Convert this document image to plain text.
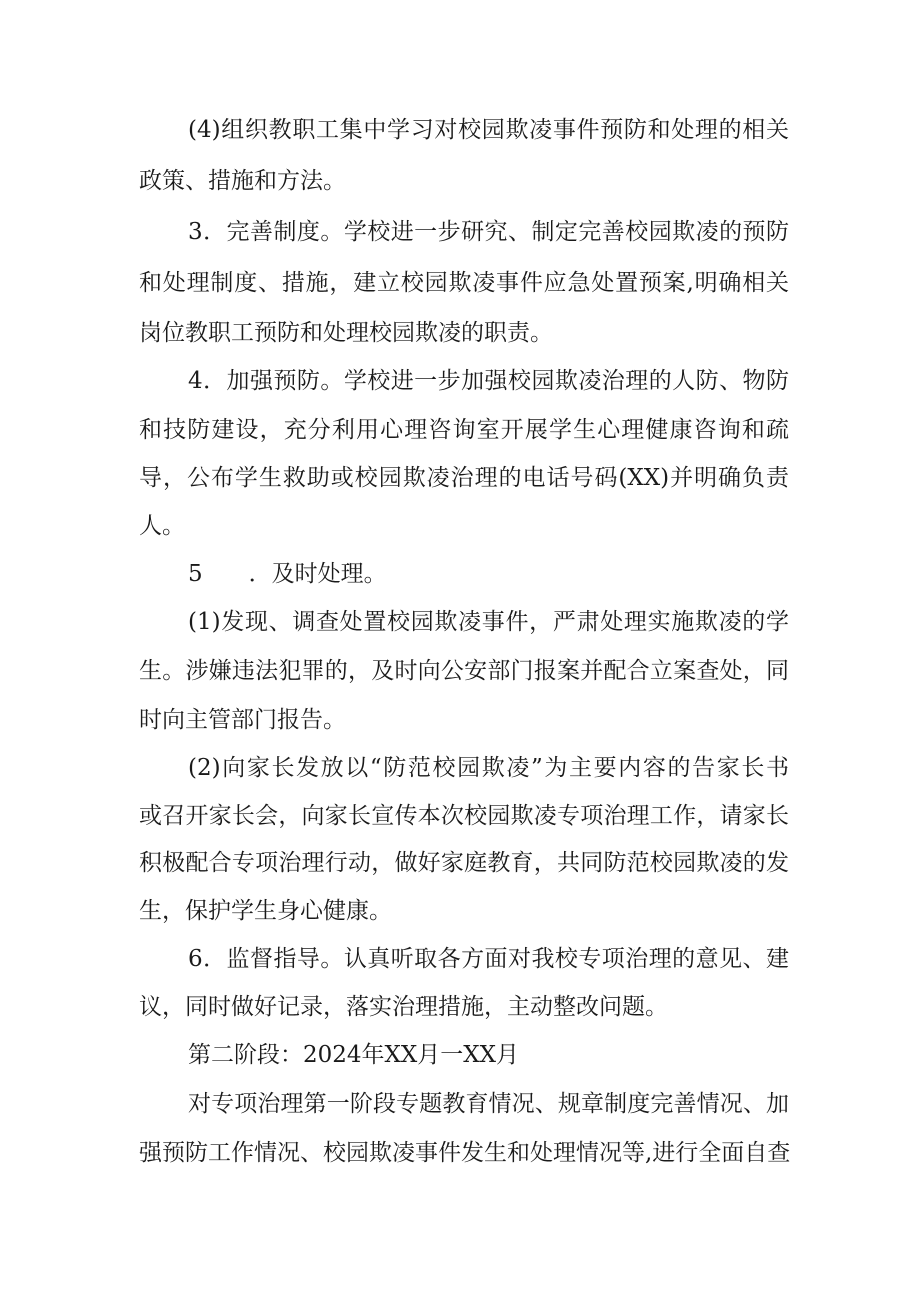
(4)组织教职工集中学习对校园欺凌事件预防和处理的相关
政策、措施和方法。
3．完善制度。学校进一步研究、制定完善校园欺凌的预防
和处理制度、措施，建立校园欺凌事件应急处置预案,明确相关
岗位教职工预防和处理校园欺凌的职责。
4．加强预防。学校进一步加强校园欺凌治理的人防、物防
和技防建设，充分利用心理咨询室开展学生心理健康咨询和疏
导，公布学生救助或校园欺凌治理的电话号码(XX)并明确负责
人。
5　　．及时处理。
(1)发现、调查处置校园欺凌事件，严肃处理实施欺凌的学
生。涉嫌违法犯罪的，及时向公安部门报案并配合立案查处，同
时向主管部门报告。
(2)向家长发放以“防范校园欺凌”为主要内容的告家长书
或召开家长会，向家长宣传本次校园欺凌专项治理工作，请家长
积极配合专项治理行动，做好家庭教育，共同防范校园欺凌的发
生，保护学生身心健康。
6．监督指导。认真听取各方面对我校专项治理的意见、建
议，同时做好记录，落实治理措施，主动整改问题。
第二阶段：2024年XX月一XX月
对专项治理第一阶段专题教育情况、规章制度完善情况、加
强预防工作情况、校园欺凌事件发生和处理情况等,进行全面自查
